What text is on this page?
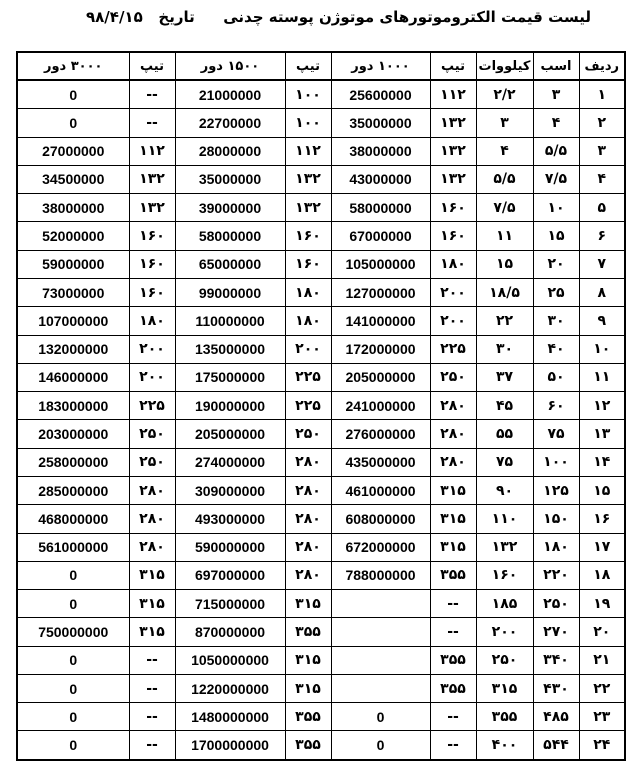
لیست قیمت الکتروموتورهای موتوژن پوسته چدنی
تاریخ   ۹۸/۴/۱۵
ردیف	اسب	کیلووات	تیپ	۱۰۰۰ دور	تیپ	۱۵۰۰ دور	تیپ	۳۰۰۰ دور
۱	۳	۲/۲	۱۱۲	25600000	۱۰۰	21000000	--	0
۲	۴	۳	۱۳۲	35000000	۱۰۰	22700000	--	0
۳	۵/۵	۴	۱۳۲	38000000	۱۱۲	28000000	۱۱۲	27000000
۴	۷/۵	۵/۵	۱۳۲	43000000	۱۳۲	35000000	۱۳۲	34500000
۵	۱۰	۷/۵	۱۶۰	58000000	۱۳۲	39000000	۱۳۲	38000000
۶	۱۵	۱۱	۱۶۰	67000000	۱۶۰	58000000	۱۶۰	52000000
۷	۲۰	۱۵	۱۸۰	105000000	۱۶۰	65000000	۱۶۰	59000000
۸	۲۵	۱۸/۵	۲۰۰	127000000	۱۸۰	99000000	۱۶۰	73000000
۹	۳۰	۲۲	۲۰۰	141000000	۱۸۰	110000000	۱۸۰	107000000
۱۰	۴۰	۳۰	۲۲۵	172000000	۲۰۰	135000000	۲۰۰	132000000
۱۱	۵۰	۳۷	۲۵۰	205000000	۲۲۵	175000000	۲۰۰	146000000
۱۲	۶۰	۴۵	۲۸۰	241000000	۲۲۵	190000000	۲۲۵	183000000
۱۳	۷۵	۵۵	۲۸۰	276000000	۲۵۰	205000000	۲۵۰	203000000
۱۴	۱۰۰	۷۵	۲۸۰	435000000	۲۸۰	274000000	۲۵۰	258000000
۱۵	۱۲۵	۹۰	۳۱۵	461000000	۲۸۰	309000000	۲۸۰	285000000
۱۶	۱۵۰	۱۱۰	۳۱۵	608000000	۲۸۰	493000000	۲۸۰	468000000
۱۷	۱۸۰	۱۳۲	۳۱۵	672000000	۲۸۰	590000000	۲۸۰	561000000
۱۸	۲۲۰	۱۶۰	۳۵۵	788000000	۲۸۰	697000000	۳۱۵	0
۱۹	۲۵۰	۱۸۵	--		۳۱۵	715000000	۳۱۵	0
۲۰	۲۷۰	۲۰۰	--		۳۵۵	870000000	۳۱۵	750000000
۲۱	۳۴۰	۲۵۰	۳۵۵		۳۱۵	1050000000	--	0
۲۲	۴۳۰	۳۱۵	۳۵۵		۳۱۵	1220000000	--	0
۲۳	۴۸۵	۳۵۵	--	0	۳۵۵	1480000000	--	0
۲۴	۵۴۴	۴۰۰	--	0	۳۵۵	1700000000	--	0
